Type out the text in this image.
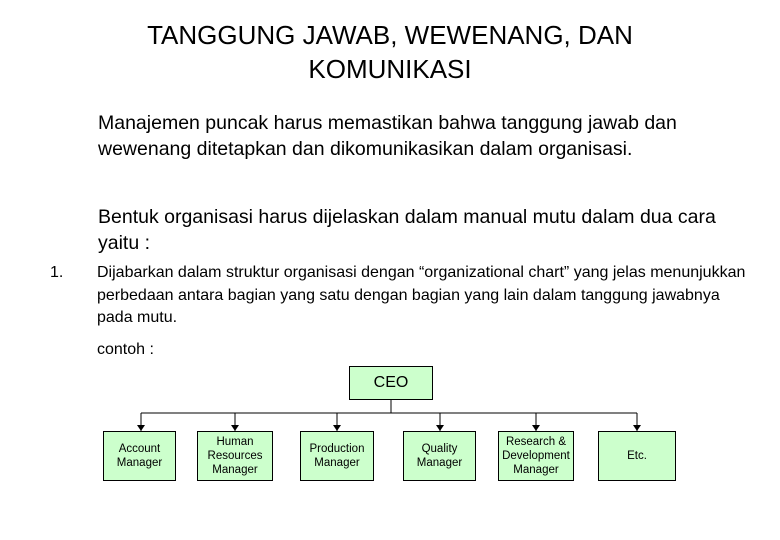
TANGGUNG JAWAB, WEWENANG, DAN
KOMUNIKASI
Manajemen puncak harus memastikan bahwa tanggung jawab dan wewenang ditetapkan dan dikomunikasikan dalam organisasi.
Bentuk organisasi harus dijelaskan dalam manual mutu dalam dua cara yaitu :
1. Dijabarkan dalam struktur organisasi dengan “organizational chart” yang jelas menunjukkan perbedaan antara bagian yang satu dengan bagian yang lain dalam tanggung jawabnya pada mutu.
contoh :
CEO
Account
Manager
Human
Resources
Manager
Production
Manager
Quality
Manager
Research &
Development
Manager
Etc.
